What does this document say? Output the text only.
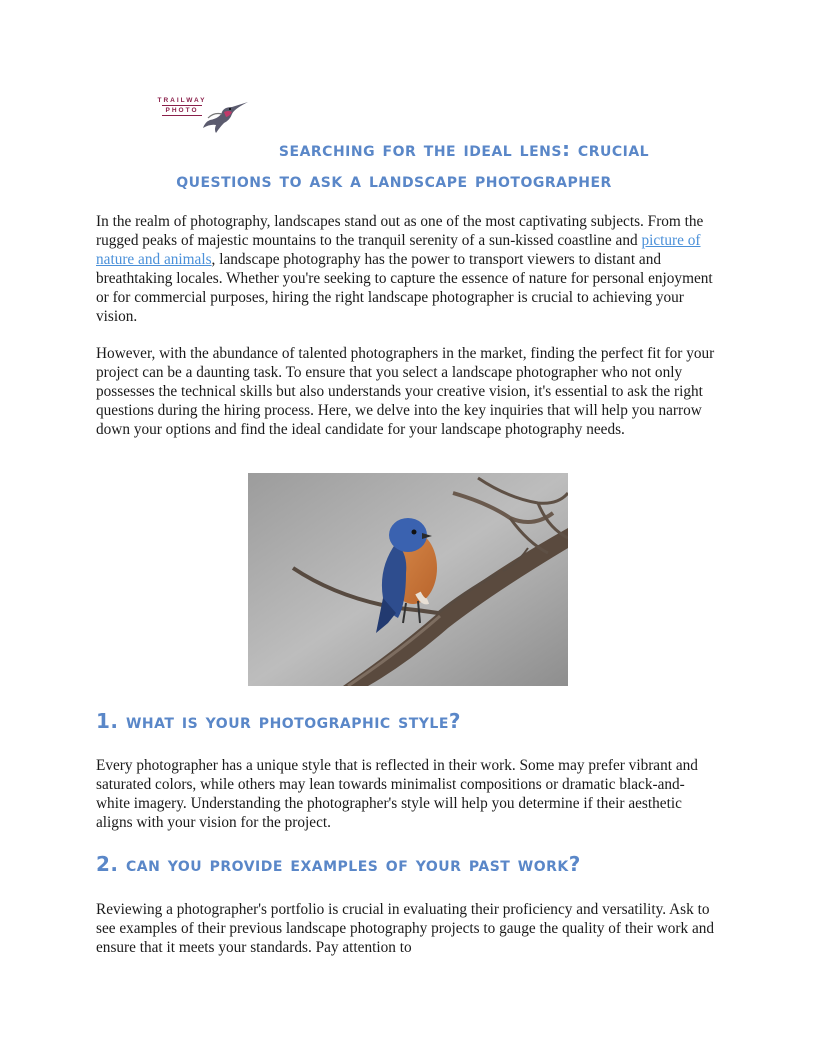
TRAILWAY
PHOTO
searching for the ideal lens: crucial
questions to ask a landscape photographer

In the realm of photography, landscapes stand out as one of the most captivating subjects. From the rugged peaks of majestic mountains to the tranquil serenity of a sun-kissed coastline and picture of nature and animals, landscape photography has the power to transport viewers to distant and breathtaking locales. Whether you're seeking to capture the essence of nature for personal enjoyment or for commercial purposes, hiring the right landscape photographer is crucial to achieving your vision.

However, with the abundance of talented photographers in the market, finding the perfect fit for your project can be a daunting task. To ensure that you select a landscape photographer who not only possesses the technical skills but also understands your creative vision, it's essential to ask the right questions during the hiring process. Here, we delve into the key inquiries that will help you narrow down your options and find the ideal candidate for your landscape photography needs.

1. what is your photographic style?

Every photographer has a unique style that is reflected in their work. Some may prefer vibrant and saturated colors, while others may lean towards minimalist compositions or dramatic black-and-white imagery. Understanding the photographer's style will help you determine if their aesthetic aligns with your vision for the project.

2. can you provide examples of your past work?

Reviewing a photographer's portfolio is crucial in evaluating their proficiency and versatility. Ask to see examples of their previous landscape photography projects to gauge the quality of their work and ensure that it meets your standards. Pay attention to
